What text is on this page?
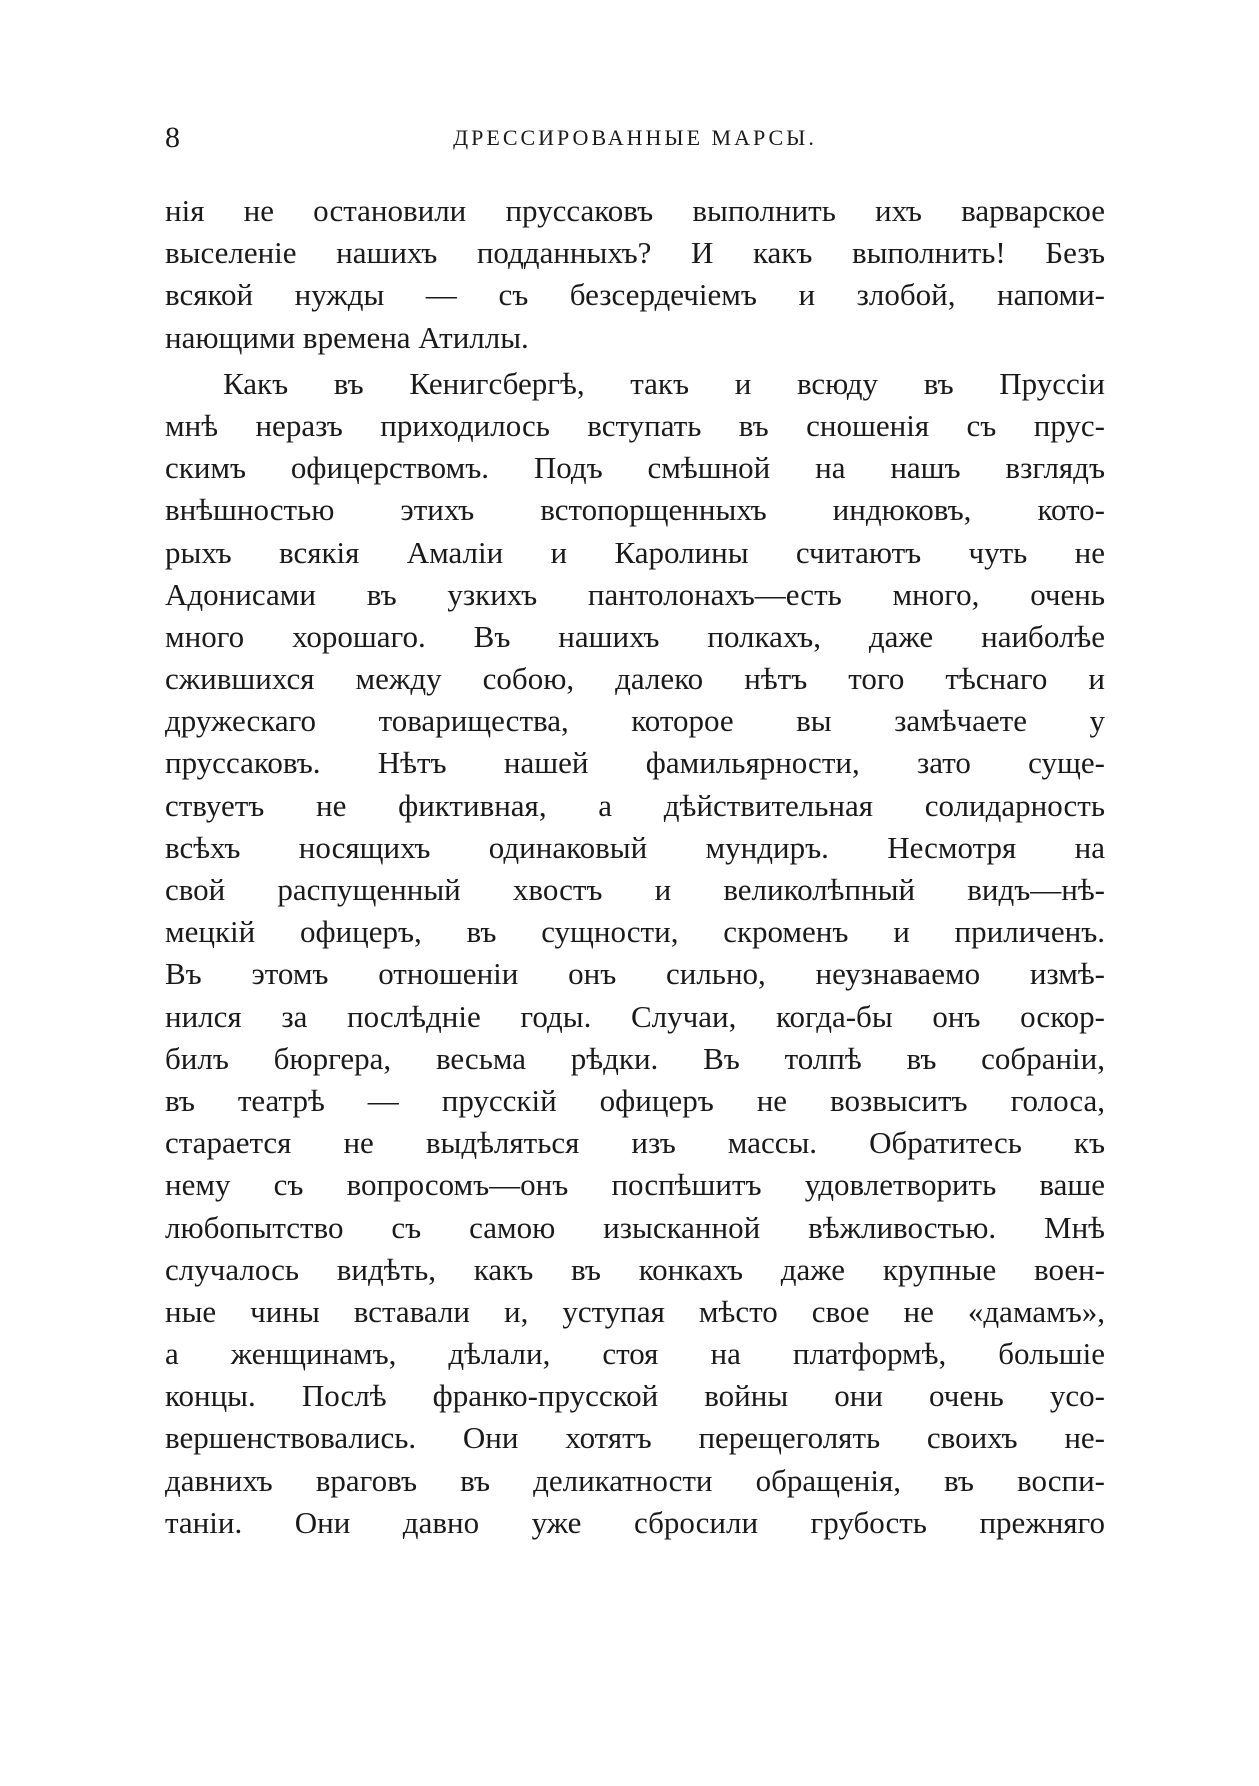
8	ДРЕССИРОВАННЫЕ МАРСЫ.
нія не остановили пруссаковъ выполнить ихъ варварское
выселеніе нашихъ подданныхъ? И какъ выполнить! Безъ
всякой нужды — съ безсердечіемъ и злобой, напоми-
нающими времена Атиллы.
Какъ въ Кенигсбергѣ, такъ и всюду въ Пруссіи
мнѣ неразъ приходилось вступать въ сношенія съ прус-
скимъ офицерствомъ. Подъ смѣшной на нашъ взглядъ
внѣшностью этихъ встопорщенныхъ индюковъ, кото-
рыхъ всякія Амаліи и Каролины считаютъ чуть не
Адонисами въ узкихъ пантолонахъ—есть много, очень
много хорошаго. Въ нашихъ полкахъ, даже наиболѣе
сжившихся между собою, далеко нѣтъ того тѣснаго и
дружескаго товарищества, которое вы замѣчаете у
пруссаковъ. Нѣтъ нашей фамильярности, зато суще-
ствуетъ не фиктивная, а дѣйствительная солидарность
всѣхъ носящихъ одинаковый мундиръ. Несмотря на
свой распущенный хвостъ и великолѣпный видъ—нѣ-
мецкій офицеръ, въ сущности, скроменъ и приличенъ.
Въ этомъ отношеніи онъ сильно, неузнаваемо измѣ-
нился за послѣдніе годы. Случаи, когда-бы онъ оскор-
билъ бюргера, весьма рѣдки. Въ толпѣ въ собраніи,
въ театрѣ — прусскій офицеръ не возвыситъ голоса,
старается не выдѣляться изъ массы. Обратитесь къ
нему съ вопросомъ—онъ поспѣшитъ удовлетворить ваше
любопытство съ самою изысканной вѣжливостью. Мнѣ
случалось видѣть, какъ въ конкахъ даже крупные воен-
ные чины вставали и, уступая мѣсто свое не «дамамъ»,
а женщинамъ, дѣлали, стоя на платформѣ, большіе
концы. Послѣ франко-прусской войны они очень усо-
вершенствовались. Они хотятъ перещеголять своихъ не-
давнихъ враговъ въ деликатности обращенія, въ воспи-
таніи. Они давно уже сбросили грубость прежняго
